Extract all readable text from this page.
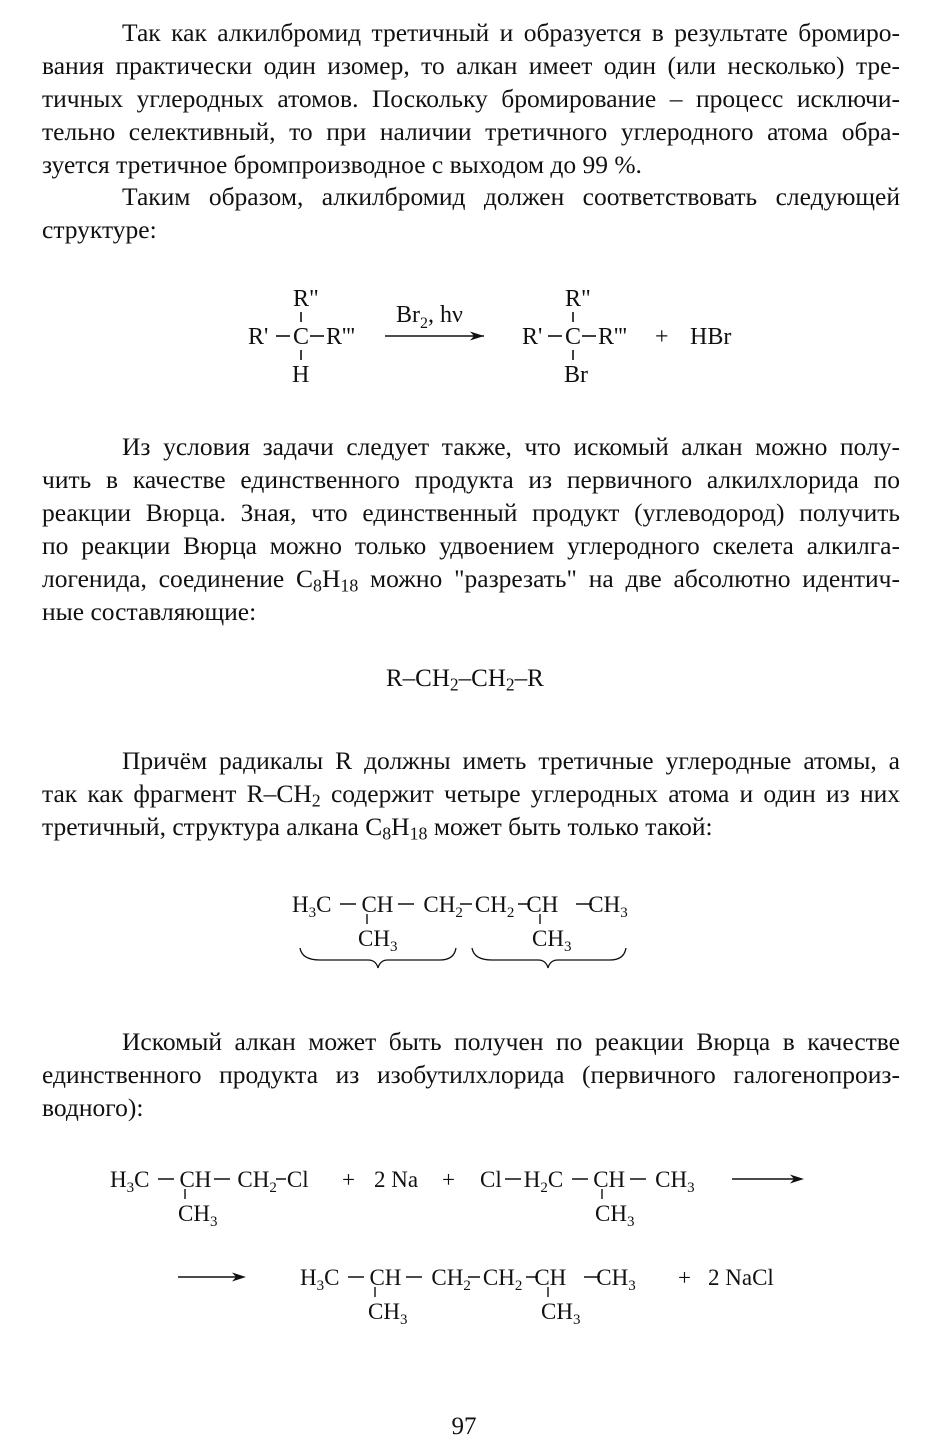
Так как алкилбромид третичный и образуется в результате бромиро-
вания практически один изомер, то алкан имеет один (или несколько) тре-
тичных углеродных атомов. Поскольку бромирование – процесс исключи-
тельно селективный, то при наличии третичного углеродного атома обра-
зуется третичное бромпроизводное с выходом до 99 %.
Таким образом, алкилбромид должен соответствовать следующей
структуре:
R"
R' C R'''
H
$Br_2$, hν
R"
R' C R'''
Br
+ HBr
Из условия задачи следует также, что искомый алкан можно полу-
чить в качестве единственного продукта из первичного алкилхлорида по
реакции Вюрца. Зная, что единственный продукт (углеводород) получить
по реакции Вюрца можно только удвоением углеродного скелета алкилга-
логенида, соединение $C_8H_{18}$ можно "разрезать" на две абсолютно идентич-
ные составляющие:
$R-CH_2-CH_2-R$
Причём радикалы R должны иметь третичные углеродные атомы, а
так как фрагмент $R-CH_2$ содержит четыре углеродных атома и один из них
третичный, структура алкана $C_8H_{18}$ может быть только такой:
$H_3C$ CH $CH_2$ $CH_2$ CH $CH_3$
$CH_3$	$CH_3$
Искомый алкан может быть получен по реакции Вюрца в качестве
единственного продукта из изобутилхлорида (первичного галогенопроиз-
водного):
$H_3C$ CH $CH_2$ Cl
$CH_3$
+ 2 Na + Cl $H_2C$ CH $CH_3$
$CH_3$
$H_3C$ CH $CH_2$ $CH_2$ CH $CH_3$
$CH_3$	$CH_3$
+ 2 NaCl
97
